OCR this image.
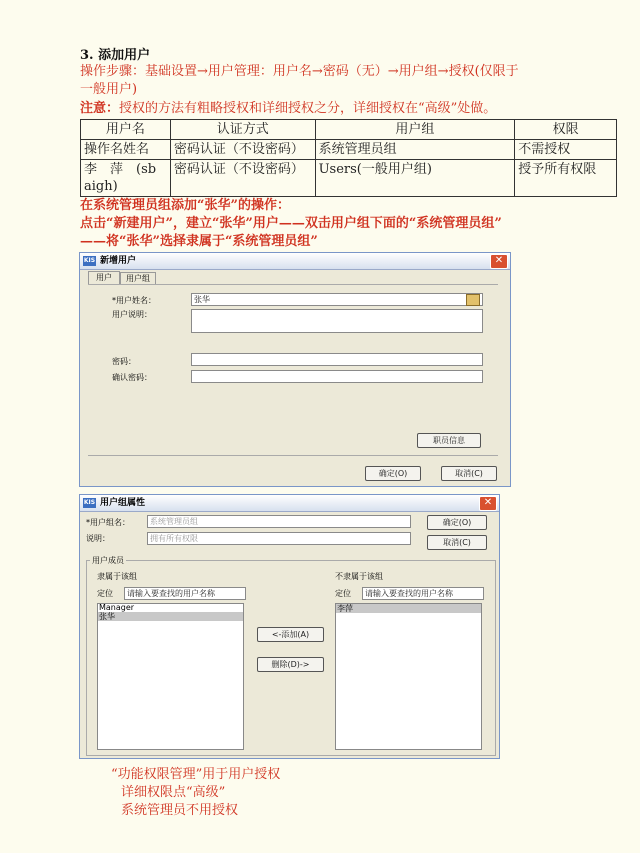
3. 添加用户
操作步骤：基础设置→用户管理：用户名→密码（无）→用户组→授权(仅限于
一般用户)
注意：授权的方法有粗略授权和详细授权之分，详细授权在“高级”处做。
用户名	认证方式	用户组	权限
操作名姓名	密码认证（不设密码）	系统管理员组	不需授权
李　萍　(sb aigh)	密码认证（不设密码）	Users(一般用户组)	授予所有权限
在系统管理员组添加“张华”的操作：
点击“新建用户”，建立“张华”用户——双击用户组下面的“系统管理员组”
——将“张华”选择隶属于“系统管理员组”
KIS 新增用户	✕
用户	用户组
*用户姓名：	张华
用户说明：
密码：
确认密码：
职员信息
确定(O)	取消(C)
KIS 用户组属性	✕
*用户组名：	系统管理员组	确定(O)
说明：	拥有所有权限	取消(C)
用户成员
隶属于该组
定位	请输入要查找的用户名称
Manager
张华
<-添加(A)
删除(D)->
不隶属于该组
定位	请输入要查找的用户名称
李萍
“功能权限管理”用于用户授权
详细权限点“高级”
系统管理员不用授权
